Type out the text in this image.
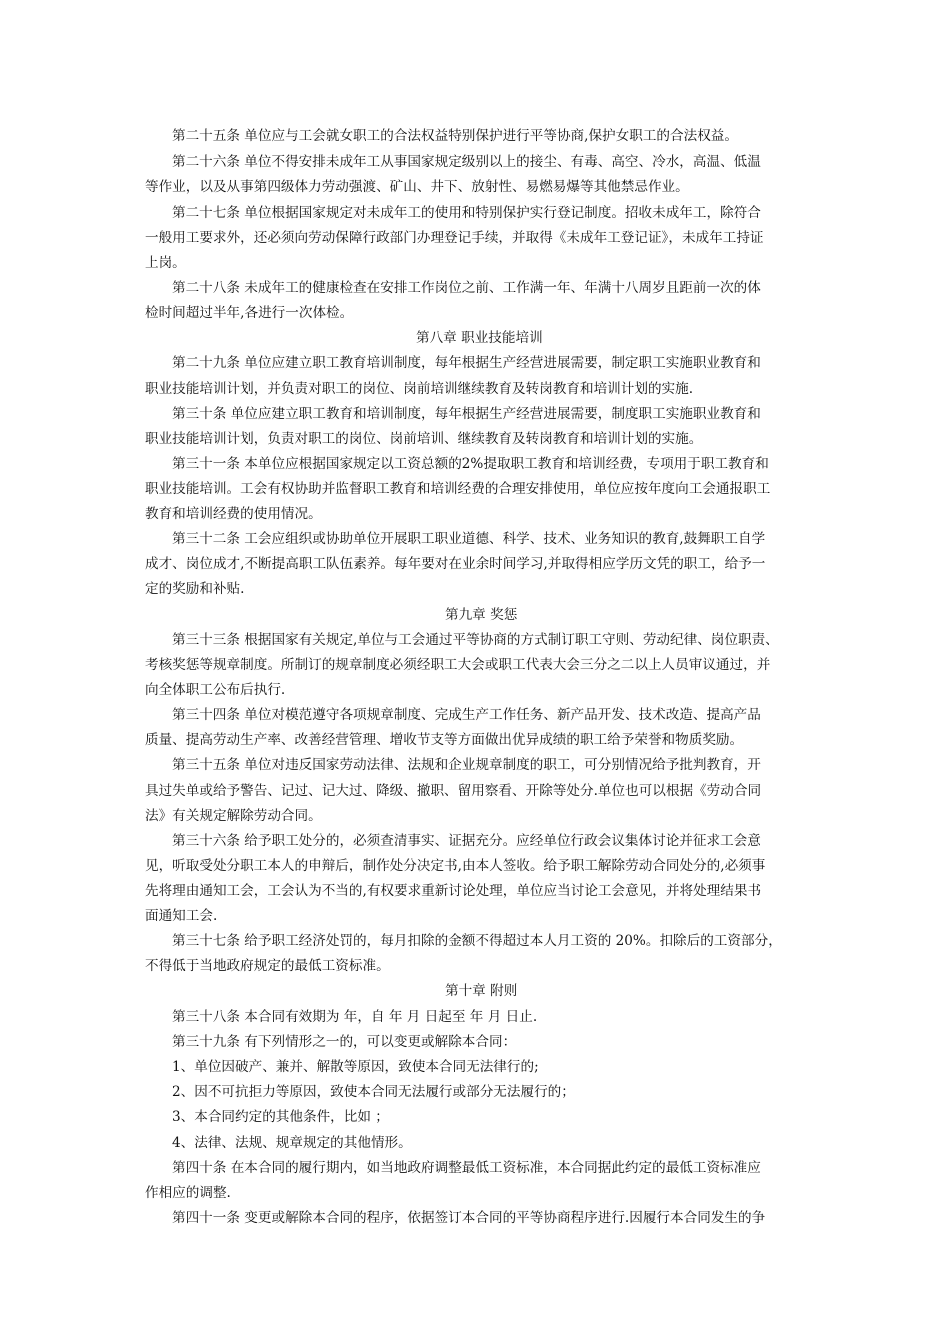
第二十五条 单位应与工会就女职工的合法权益特别保护进行平等协商,保护女职工的合法权益。
第二十六条 单位不得安排未成年工从事国家规定级别以上的接尘、有毒、高空、冷水，高温、低温
等作业，以及从事第四级体力劳动强渡、矿山、井下、放射性、易燃易爆等其他禁忌作业。
第二十七条 单位根据国家规定对未成年工的使用和特别保护实行登记制度。招收未成年工，除符合
一般用工要求外，还必须向劳动保障行政部门办理登记手续，并取得《未成年工登记证》，未成年工持证
上岗。
第二十八条 未成年工的健康检查在安排工作岗位之前、工作满一年、年满十八周岁且距前一次的体
检时间超过半年,各进行一次体检。
第八章 职业技能培训
第二十九条 单位应建立职工教育培训制度，每年根据生产经营进展需要，制定职工实施职业教育和
职业技能培训计划，并负责对职工的岗位、岗前培训继续教育及转岗教育和培训计划的实施.
第三十条 单位应建立职工教育和培训制度，每年根据生产经营进展需要，制度职工实施职业教育和
职业技能培训计划，负责对职工的岗位、岗前培训、继续教育及转岗教育和培训计划的实施。
第三十一条 本单位应根据国家规定以工资总额的2%提取职工教育和培训经费，专项用于职工教育和
职业技能培训。工会有权协助并监督职工教育和培训经费的合理安排使用，单位应按年度向工会通报职工
教育和培训经费的使用情况。
第三十二条 工会应组织或协助单位开展职工职业道德、科学、技术、业务知识的教育,鼓舞职工自学
成才、岗位成才,不断提高职工队伍素养。每年要对在业余时间学习,并取得相应学历文凭的职工，给予一
定的奖励和补贴.
第九章 奖惩
第三十三条 根据国家有关规定,单位与工会通过平等协商的方式制订职工守则、劳动纪律、岗位职责、
考核奖惩等规章制度。所制订的规章制度必须经职工大会或职工代表大会三分之二以上人员审议通过，并
向全体职工公布后执行.
第三十四条 单位对模范遵守各项规章制度、完成生产工作任务、新产品开发、技术改造、提高产品
质量、提高劳动生产率、改善经营管理、增收节支等方面做出优异成绩的职工给予荣誉和物质奖励。
第三十五条 单位对违反国家劳动法律、法规和企业规章制度的职工，可分别情况给予批判教育，开
具过失单或给予警告、记过、记大过、降级、撤职、留用察看、开除等处分.单位也可以根据《劳动合同
法》有关规定解除劳动合同。
第三十六条 给予职工处分的，必须查清事实、证据充分。应经单位行政会议集体讨论并征求工会意
见，听取受处分职工本人的申辩后，制作处分决定书,由本人签收。给予职工解除劳动合同处分的,必须事
先将理由通知工会，工会认为不当的,有权要求重新讨论处理，单位应当讨论工会意见，并将处理结果书
面通知工会.
第三十七条 给予职工经济处罚的，每月扣除的金额不得超过本人月工资的 20%。扣除后的工资部分，
不得低于当地政府规定的最低工资标准。
第十章 附则
第三十八条 本合同有效期为 年，自 年 月 日起至 年 月 日止.
第三十九条 有下列情形之一的，可以变更或解除本合同：
1、单位因破产、兼并、解散等原因，致使本合同无法律行的;
2、因不可抗拒力等原因，致使本合同无法履行或部分无法履行的；
3、本合同约定的其他条件，比如 ；
4、法律、法规、规章规定的其他情形。
第四十条 在本合同的履行期内，如当地政府调整最低工资标准，本合同据此约定的最低工资标准应
作相应的调整.
第四十一条 变更或解除本合同的程序，依据签订本合同的平等协商程序进行.因履行本合同发生的争
